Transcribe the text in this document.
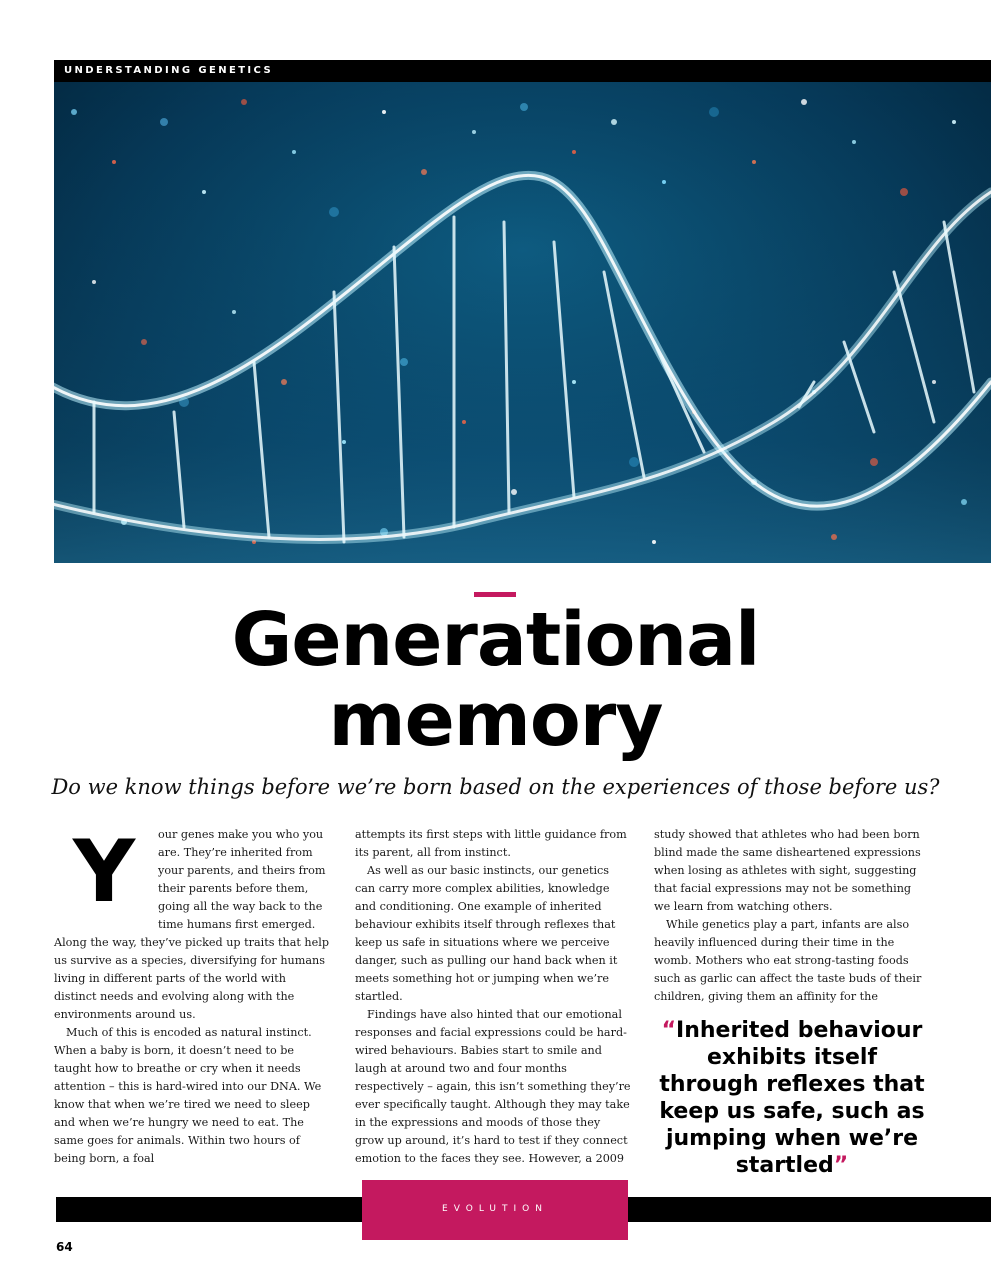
UNDERSTANDING GENETICS
Generational
memory

Do we know things before we’re born based on the experiences of those before us?

Y	our genes make you who you are. They’re inherited from your parents, and theirs from their parents before them, going all the way back to the time humans first emerged. Along the way, they’ve picked up traits that help us survive as a species, diversifying for humans living in different parts of the world with distinct needs and evolving along with the environments around us.

Much of this is encoded as natural instinct. When a baby is born, it doesn’t need to be taught how to breathe or cry when it needs attention – this is hard-wired into our DNA. We know that when we’re tired we need to sleep and when we’re hungry we need to eat. The same goes for animals. Within two hours of being born, a foal

attempts its first steps with little guidance from its parent, all from instinct.

As well as our basic instincts, our genetics can carry more complex abilities, knowledge and conditioning. One example of inherited behaviour exhibits itself through reflexes that keep us safe in situations where we perceive danger, such as pulling our hand back when it meets something hot or jumping when we’re startled.

Findings have also hinted that our emotional responses and facial expressions could be hard-wired behaviours. Babies start to smile and laugh at around two and four months respectively – again, this isn’t something they’re ever specifically taught. Although they may take in the expressions and moods of those they grow up around, it’s hard to test if they connect emotion to the faces they see. However, a 2009

study showed that athletes who had been born blind made the same disheartened expressions when losing as athletes with sight, suggesting that facial expressions may not be something we learn from watching others.

While genetics play a part, infants are also heavily influenced during their time in the womb. Mothers who eat strong-tasting foods such as garlic can affect the taste buds of their children, giving them an affinity for the

“Inherited behaviour exhibits itself through reflexes that keep us safe, such as jumping when we’re startled”
EVOLUTION
64
